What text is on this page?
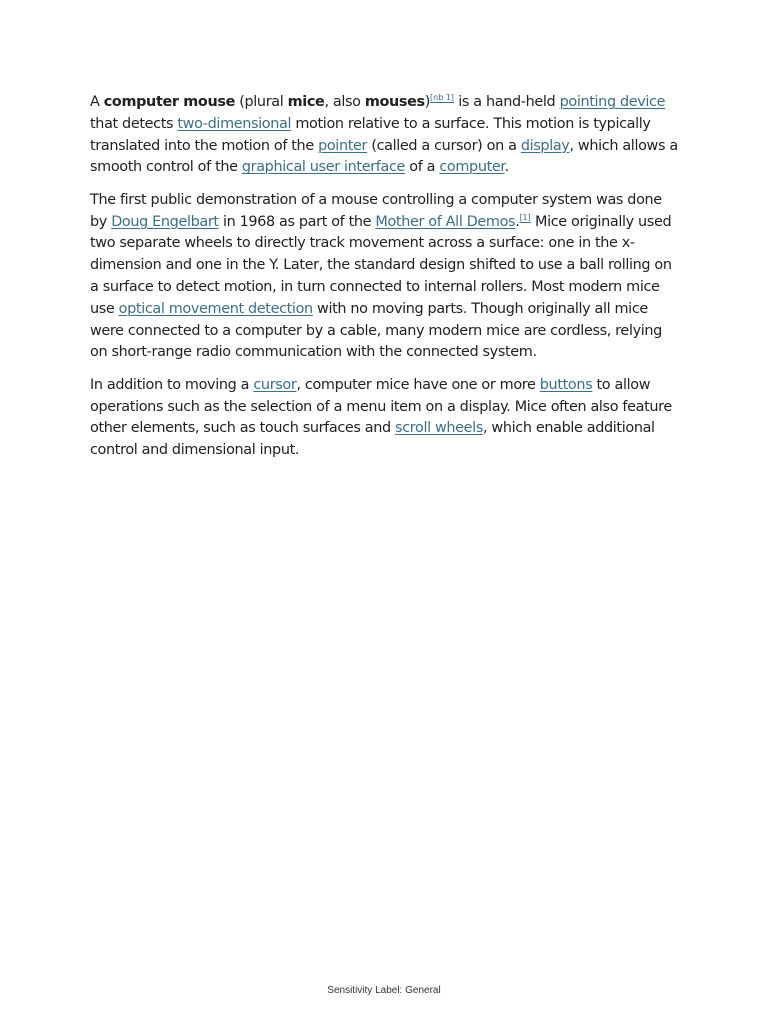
A computer mouse (plural mice, also mouses)[nb 1] is a hand-held pointing device that detects two-dimensional motion relative to a surface. This motion is typically translated into the motion of the pointer (called a cursor) on a display, which allows a smooth control of the graphical user interface of a computer.

The first public demonstration of a mouse controlling a computer system was done by Doug Engelbart in 1968 as part of the Mother of All Demos.[1] Mice originally used two separate wheels to directly track movement across a surface: one in the x-dimension and one in the Y. Later, the standard design shifted to use a ball rolling on a surface to detect motion, in turn connected to internal rollers. Most modern mice use optical movement detection with no moving parts. Though originally all mice were connected to a computer by a cable, many modern mice are cordless, relying on short-range radio communication with the connected system.

In addition to moving a cursor, computer mice have one or more buttons to allow operations such as the selection of a menu item on a display. Mice often also feature other elements, such as touch surfaces and scroll wheels, which enable additional control and dimensional input.

Sensitivity Label: General
